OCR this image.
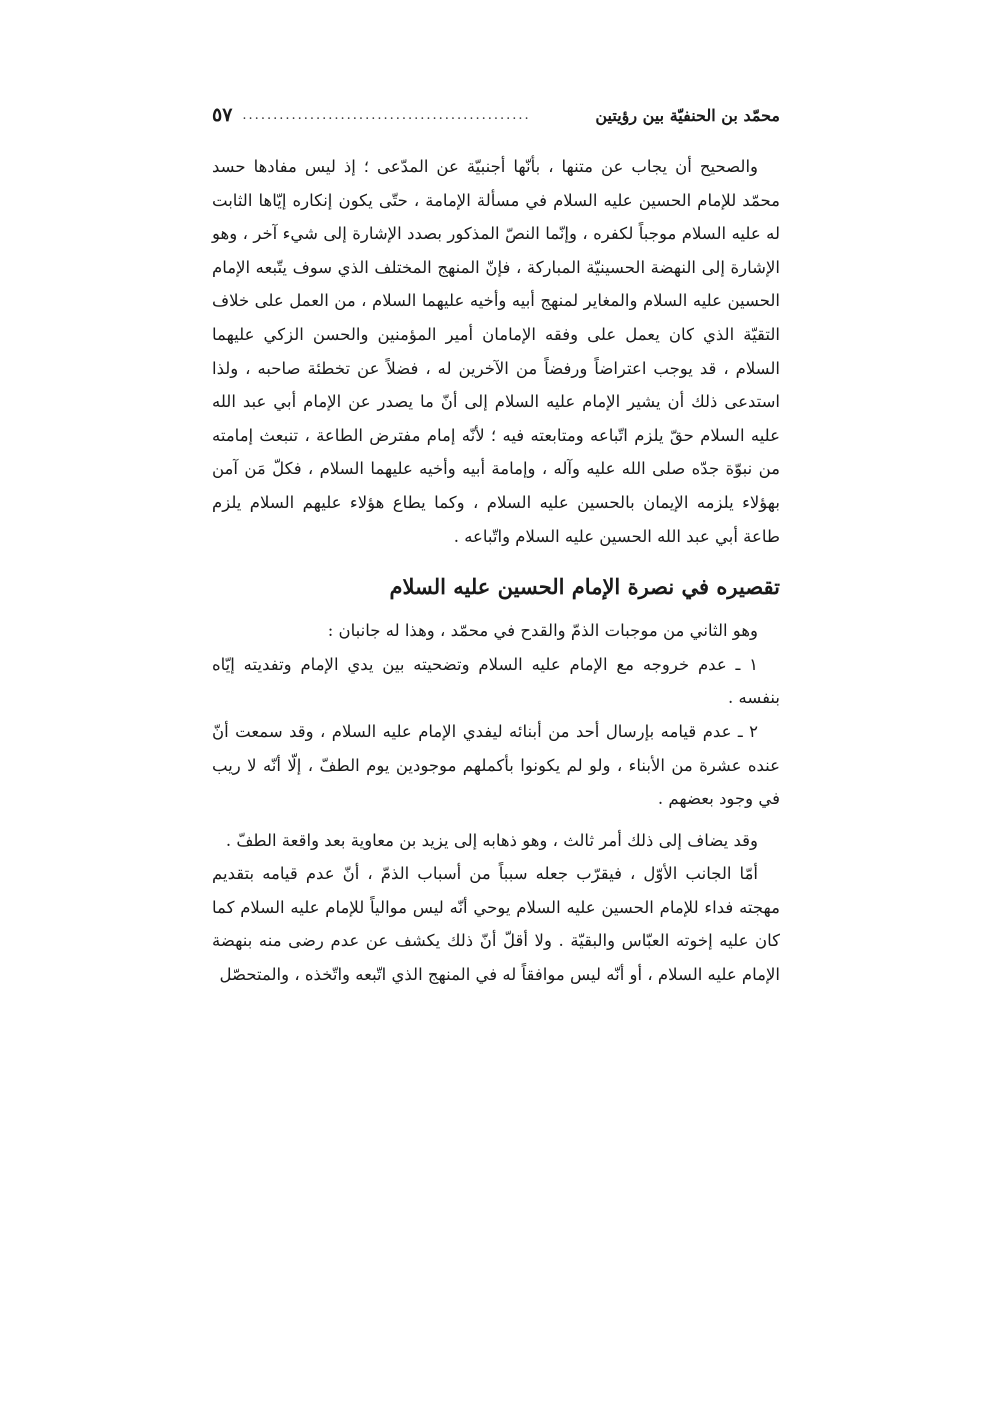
محمّد بن الحنفيّة بين رؤيتين
...............................................
٥٧

والصحيح أن يجاب عن متنها ، بأنّها أجنبيّة عن المدّعى ؛ إذ ليس مفادها حسد محمّد للإمام الحسين عليه السلام في مسألة الإمامة ، حتّى يكون إنكاره إيّاها الثابت له عليه السلام موجباً لكفره ، وإنّما النصّ المذكور بصدد الإشارة إلى شيء آخر ، وهو الإشارة إلى النهضة الحسينيّة المباركة ، فإنّ المنهج المختلف الذي سوف يتّبعه الإمام الحسين عليه السلام والمغاير لمنهج أبيه وأخيه عليهما السلام ، من العمل على خلاف التقيّة الذي كان يعمل على وفقه الإمامان أمير المؤمنين والحسن الزكي عليهما السلام ، قد يوجب اعتراضاً ورفضاً من الآخرين له ، فضلاً عن تخطئة صاحبه ، ولذا استدعى ذلك أن يشير الإمام عليه السلام إلى أنّ ما يصدر عن الإمام أبي عبد الله عليه السلام حقّ يلزم اتّباعه ومتابعته فيه ؛ لأنّه إمام مفترض الطاعة ، تنبعث إمامته من نبوّة جدّه صلى الله عليه وآله ، وإمامة أبيه وأخيه عليهما السلام ، فكلّ مَن آمن بهؤلاء يلزمه الإيمان بالحسين عليه السلام ، وكما يطاع هؤلاء عليهم السلام يلزم طاعة أبي عبد الله الحسين عليه السلام واتّباعه .

تقصيره في نصرة الإمام الحسين عليه السلام

وهو الثاني من موجبات الذمّ والقدح في محمّد ، وهذا له جانبان :

١ ـ عدم خروجه مع الإمام عليه السلام وتضحيته بين يدي الإمام وتفديته إيّاه بنفسه .

٢ ـ عدم قيامه بإرسال أحد من أبنائه ليفدي الإمام عليه السلام ، وقد سمعت أنّ عنده عشرة من الأبناء ، ولو لم يكونوا بأكملهم موجودين يوم الطفّ ، إلّا أنّه لا ريب في وجود بعضهم .

وقد يضاف إلى ذلك أمر ثالث ، وهو ذهابه إلى يزيد بن معاوية بعد واقعة الطفّ .

أمّا الجانب الأوّل ، فيقرّب جعله سبباً من أسباب الذمّ ، أنّ عدم قيامه بتقديم مهجته فداء للإمام الحسين عليه السلام يوحي أنّه ليس موالياً للإمام عليه السلام كما كان عليه إخوته العبّاس والبقيّة . ولا أقلّ أنّ ذلك يكشف عن عدم رضى منه بنهضة الإمام عليه السلام ، أو أنّه ليس موافقاً له في المنهج الذي اتّبعه واتّخذه ، والمتحصّل
